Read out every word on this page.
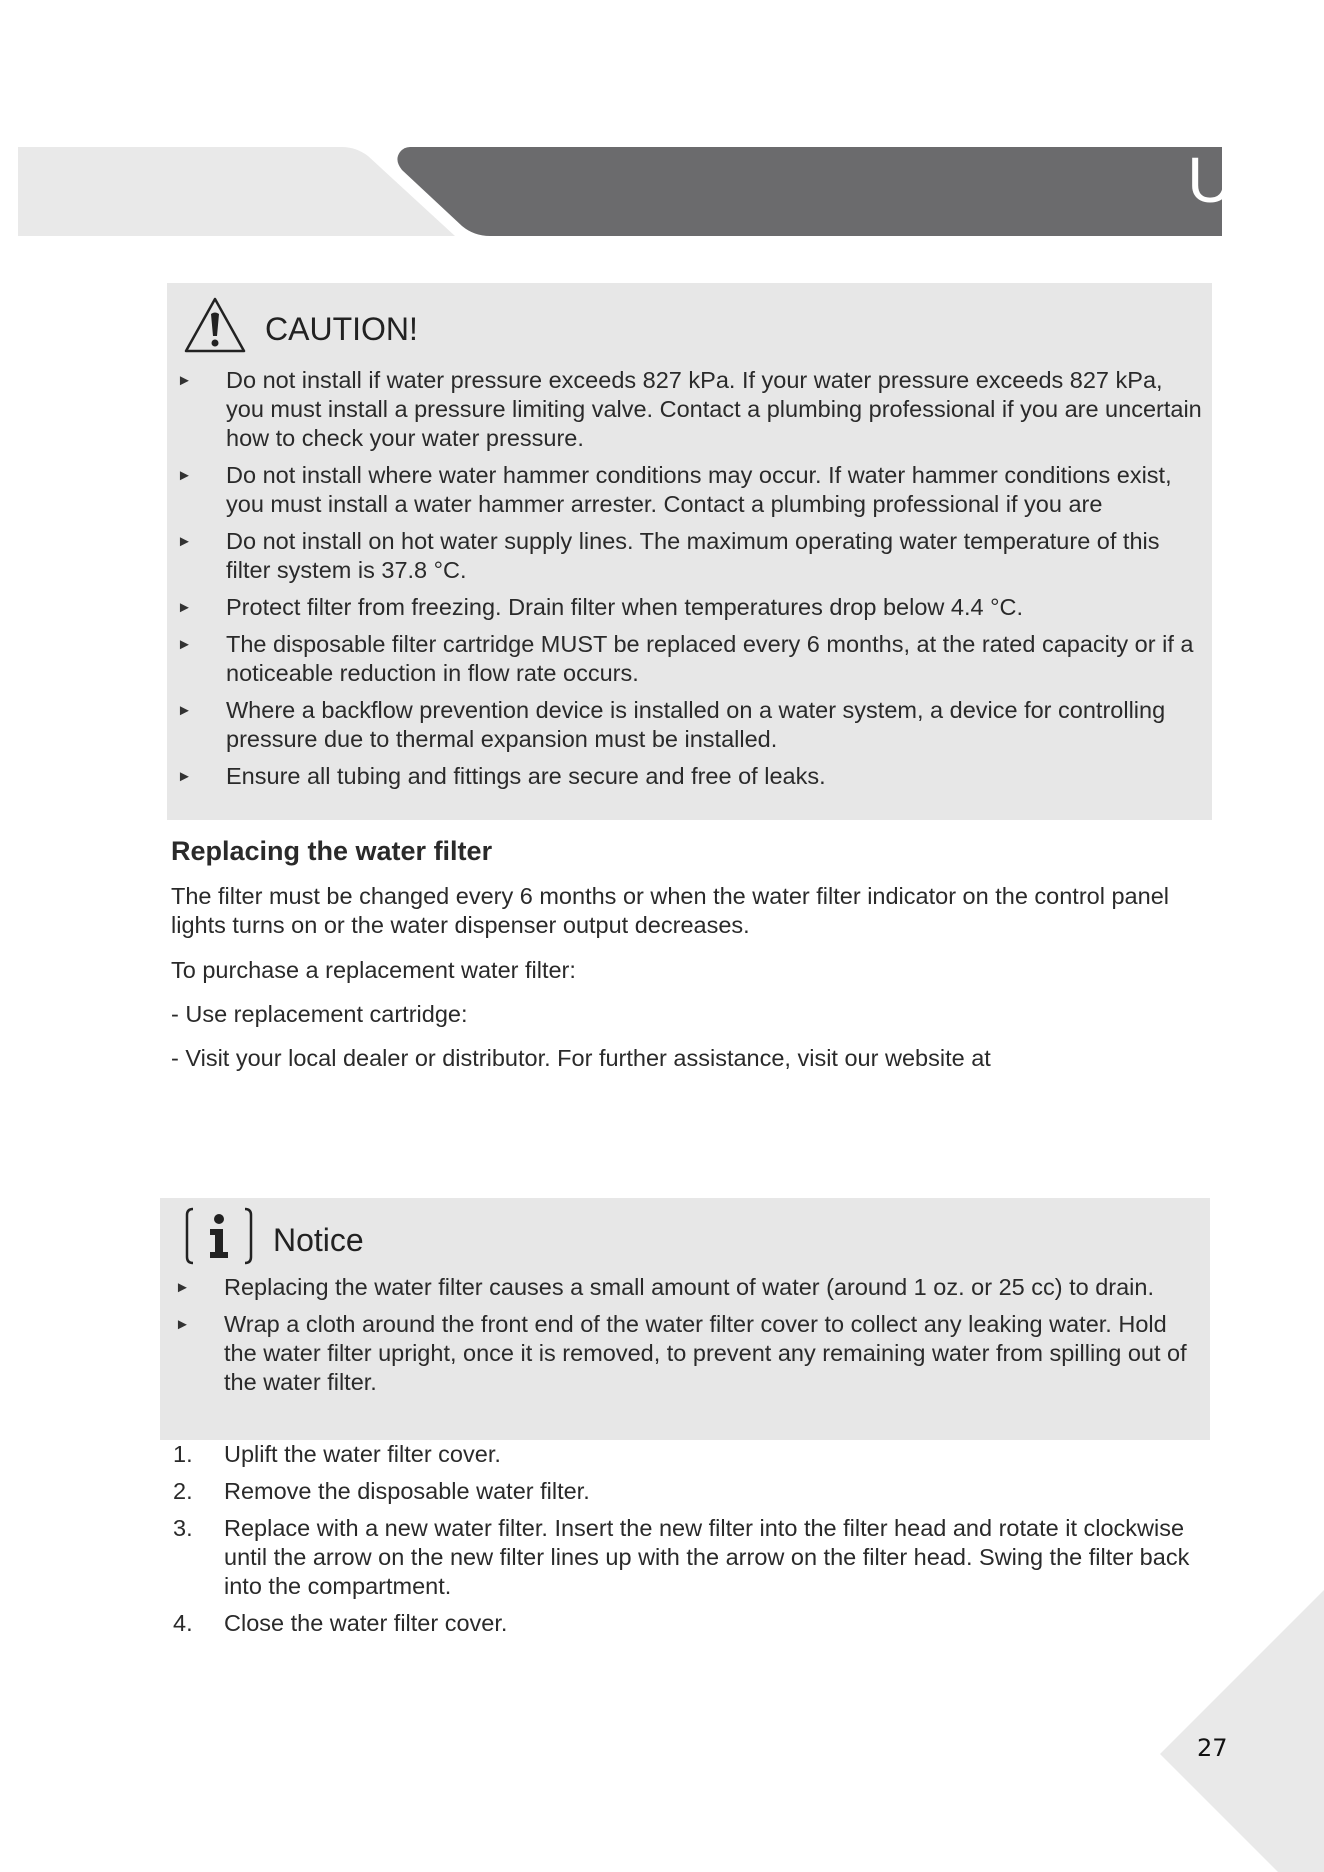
Use
CAUTION!
► Do not install if water pressure exceeds 827 kPa. If your water pressure exceeds 827 kPa, you must install a pressure limiting valve. Contact a plumbing professional if you are uncertain how to check your water pressure.
► Do not install where water hammer conditions may occur. If water hammer conditions exist, you must install a water hammer arrester. Contact a plumbing professional if you are
► Do not install on hot water supply lines. The maximum operating water temperature of this filter system is 37.8 °C.
► Protect filter from freezing. Drain filter when temperatures drop below 4.4 °C.
► The disposable filter cartridge MUST be replaced every 6 months, at the rated capacity or if a noticeable reduction in flow rate occurs.
► Where a backflow prevention device is installed on a water system, a device for controlling pressure due to thermal expansion must be installed.
► Ensure all tubing and fittings are secure and free of leaks.
Replacing the water filter

The filter must be changed every 6 months or when the water filter indicator on the control panel lights turns on or the water dispenser output decreases.

To purchase a replacement water filter:

- Use replacement cartridge:

- Visit your local dealer or distributor. For further assistance, visit our website at

Notice
► Replacing the water filter causes a small amount of water (around 1 oz. or 25 cc) to drain.
► Wrap a cloth around the front end of the water filter cover to collect any leaking water. Hold the water filter upright, once it is removed, to prevent any remaining water from spilling out of the water filter.
1.	Uplift the water filter cover.
2.	Remove the disposable water filter.
3.	Replace with a new water filter. Insert the new filter into the filter head and rotate it clockwise until the arrow on the new filter lines up with the arrow on the filter head. Swing the filter back into the compartment.
4.	Close the water filter cover.
27
